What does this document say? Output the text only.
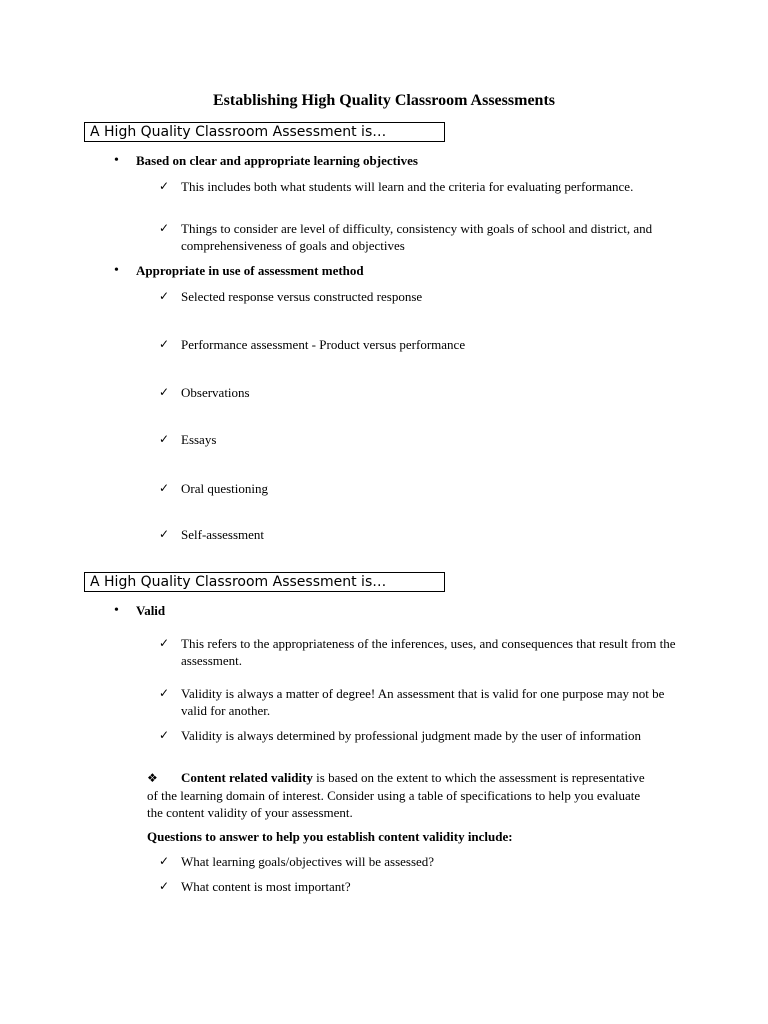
Establishing High Quality Classroom Assessments
A High Quality Classroom Assessment is…
• Based on clear and appropriate learning objectives
✓ This includes both what students will learn and the criteria for evaluating performance.
✓ Things to consider are level of difficulty, consistency with goals of school and district, and comprehensiveness of goals and objectives
• Appropriate in use of assessment method
✓ Selected response versus constructed response
✓ Performance assessment - Product versus performance
✓ Observations
✓ Essays
✓ Oral questioning
✓ Self-assessment
A High Quality Classroom Assessment is…
• Valid
✓ This refers to the appropriateness of the inferences, uses, and consequences that result from the assessment.
✓ Validity is always a matter of degree! An assessment that is valid for one purpose may not be valid for another.
✓ Validity is always determined by professional judgment made by the user of information
❖ Content related validity is based on the extent to which the assessment is representative of the learning domain of interest. Consider using a table of specifications to help you evaluate the content validity of your assessment.
Questions to answer to help you establish content validity include:
✓ What learning goals/objectives will be assessed?
✓ What content is most important?
